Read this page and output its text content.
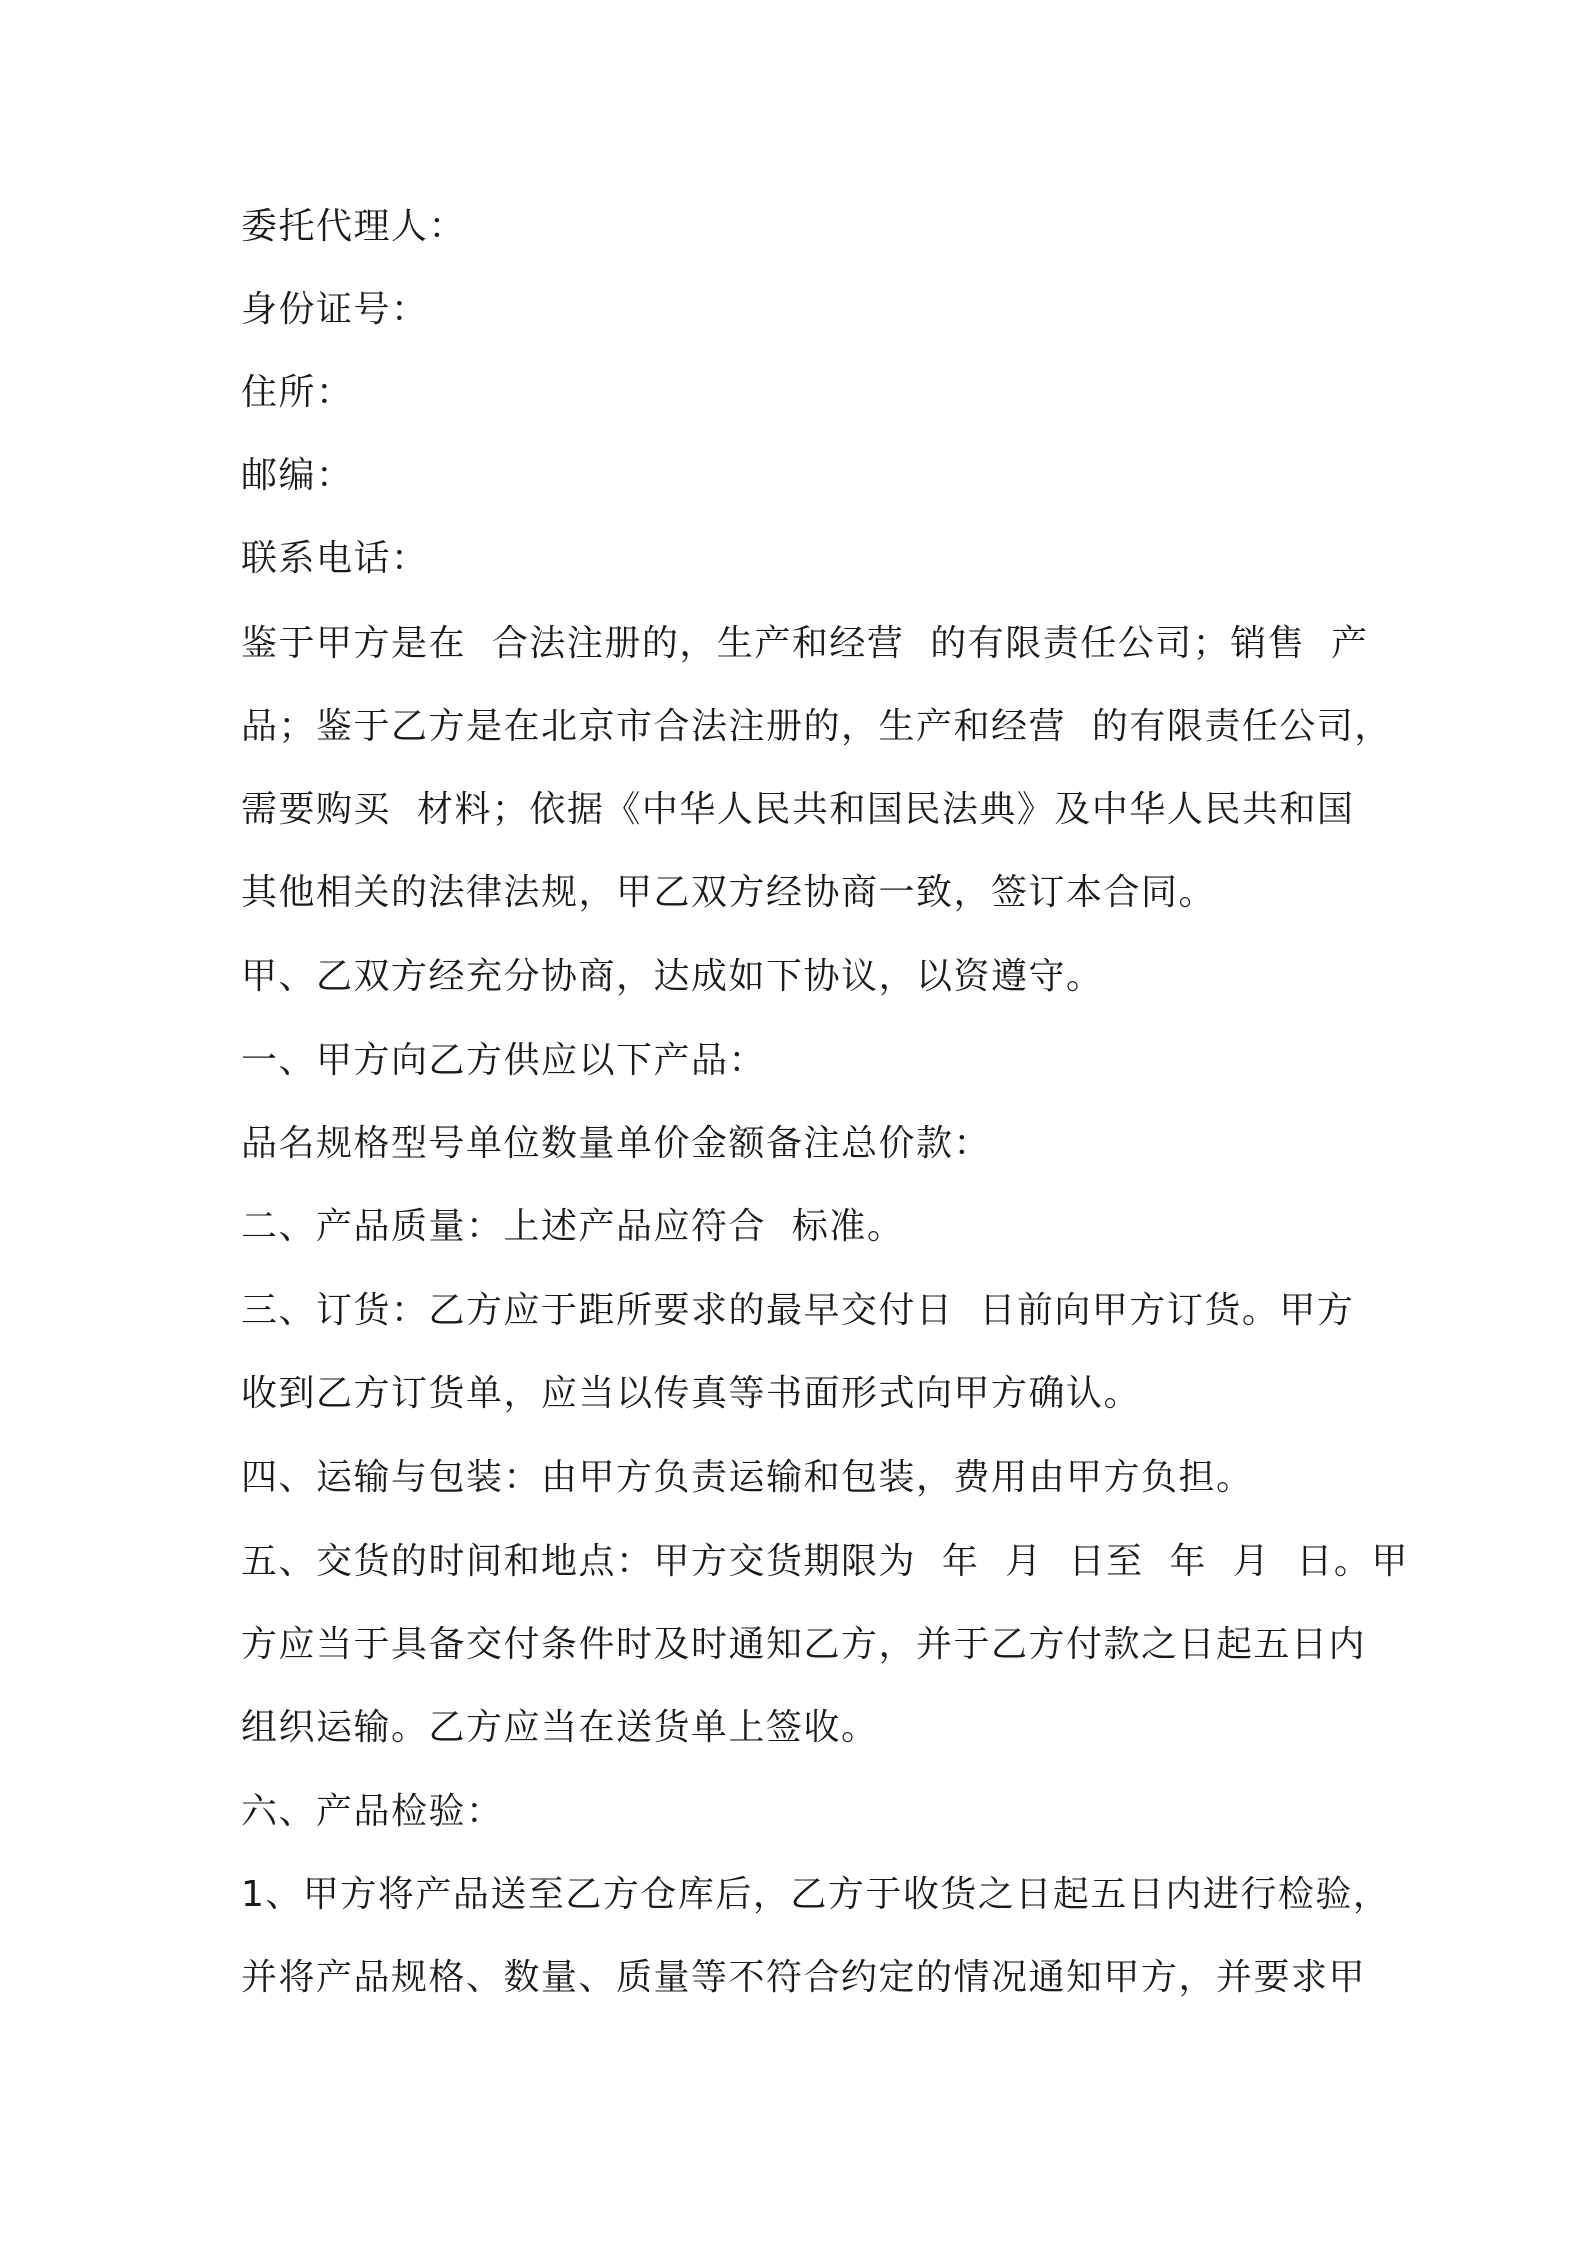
委托代理人：

身份证号：

住所：

邮编：

联系电话：

鉴于甲方是在  合法注册的，生产和经营  的有限责任公司；销售  产

品；鉴于乙方是在北京市合法注册的，生产和经营  的有限责任公司，

需要购买  材料；依据《中华人民共和国民法典》及中华人民共和国

其他相关的法律法规，甲乙双方经协商一致，签订本合同。

甲、乙双方经充分协商，达成如下协议，以资遵守。

一、甲方向乙方供应以下产品：

品名规格型号单位数量单价金额备注总价款：

二、产品质量：上述产品应符合  标准。

三、订货：乙方应于距所要求的最早交付日  日前向甲方订货。甲方

收到乙方订货单，应当以传真等书面形式向甲方确认。

四、运输与包装：由甲方负责运输和包装，费用由甲方负担。

五、交货的时间和地点：甲方交货期限为  年  月  日至  年  月  日。甲

方应当于具备交付条件时及时通知乙方，并于乙方付款之日起五日内

组织运输。乙方应当在送货单上签收。

六、产品检验：

1、甲方将产品送至乙方仓库后，乙方于收货之日起五日内进行检验，

并将产品规格、数量、质量等不符合约定的情况通知甲方，并要求甲
